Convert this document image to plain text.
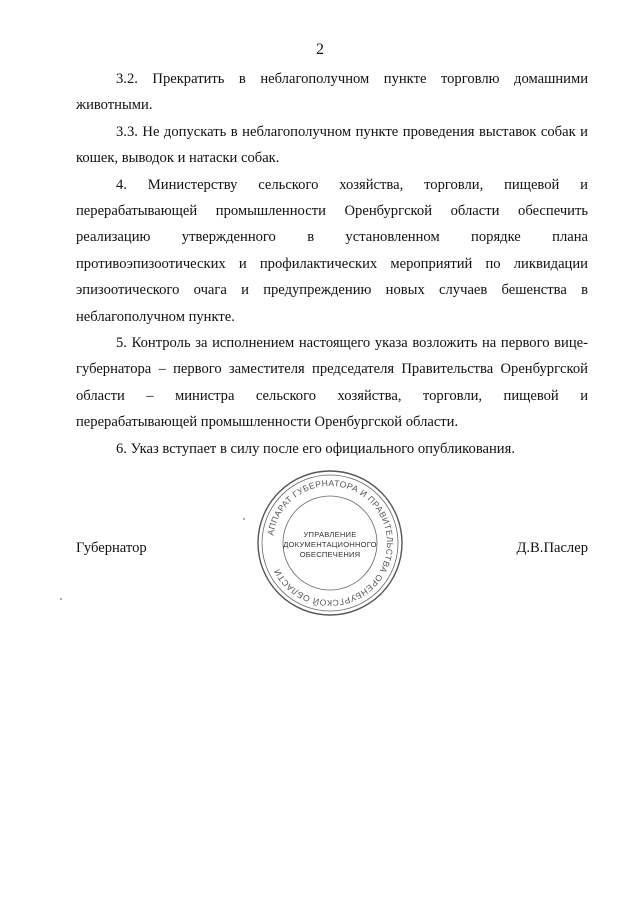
2

3.2. Прекратить в неблагополучном пункте торговлю домашними животными.

3.3. Не допускать в неблагополучном пункте проведения выставок собак и кошек, выводок и натаски собак.

4. Министерству сельского хозяйства, торговли, пищевой и перерабатывающей промышленности Оренбургской области обеспечить реализацию утвержденного в установленном порядке плана противоэпизоотических и профилактических мероприятий по ликвидации эпизоотического очага и предупреждению новых случаев бешенства в неблагополучном пункте.

5. Контроль за исполнением настоящего указа возложить на первого вице-губернатора – первого заместителя председателя Правительства Оренбургской области – министра сельского хозяйства, торговли, пищевой и перерабатывающей промышленности Оренбургской области.

6. Указ вступает в силу после его официального опубликования.

Губернатор	Д.В.Паслер
АППАРАТ ГУБЕРНАТОРА И ПРАВИТЕЛЬСТВА ОРЕНБУРГСКОЙ ОБЛАСТИ
УПРАВЛЕНИЕ
ДОКУМЕНТАЦИОННОГО
ОБЕСПЕЧЕНИЯ
